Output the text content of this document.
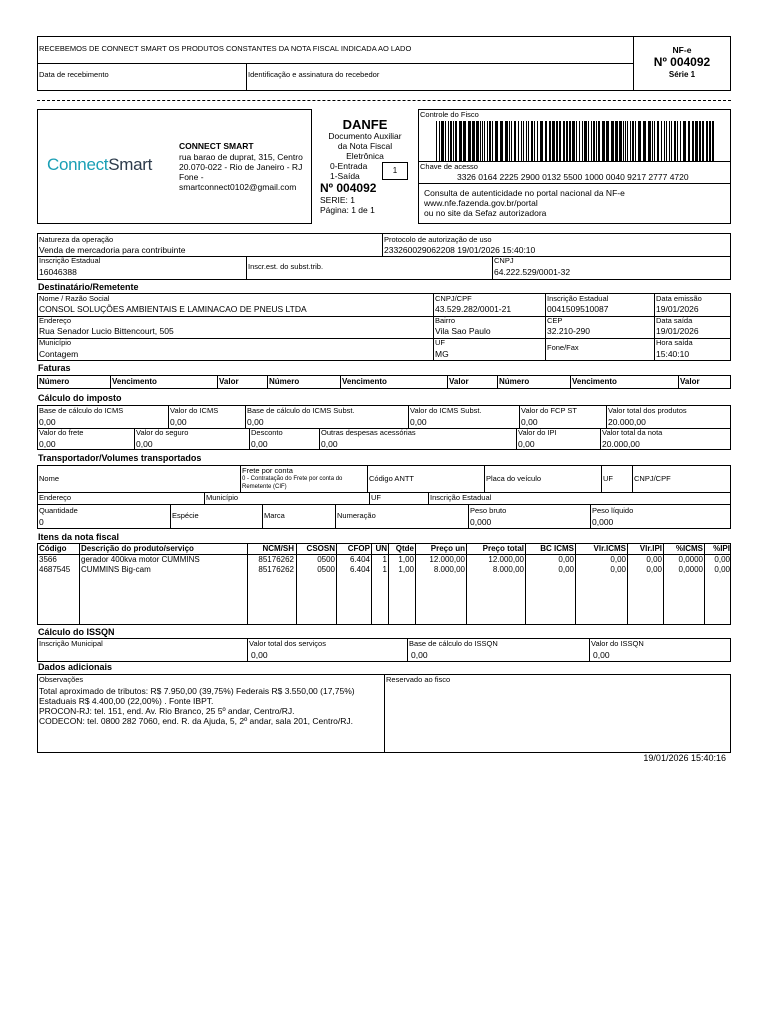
RECEBEMOS DE CONNECT SMART OS PRODUTOS CONSTANTES DA NOTA FISCAL INDICADA AO LADO
Data de recebimento	Identificação e assinatura do recebedor
NF-e
Nº 004092
Série 1
ConnectSmart
CONNECT SMART
rua barao de duprat, 315, Centro
20.070-022 - Rio de Janeiro - RJ
Fone -
smartconnect0102@gmail.com
DANFE
Documento Auxiliar
da Nota Fiscal
Eletrônica
0-Entrada
1-Saída
1
Nº 004092
SERIE: 1
Página: 1 de 1
Controle do Fisco
Chave de acesso
3326 0164 2225 2900 0132 5500 1000 0040 9217 2777 4720
Consulta de autenticidade no portal nacional da NF-e
www.nfe.fazenda.gov.br/portal
ou no site da Sefaz autorizadora
Natureza da operação
Venda de mercadoria para contribuinte
Protocolo de autorização de uso
233260029062208 19/01/2026 15:40:10
Inscrição Estadual
16046388
Inscr.est. do subst.trib.
CNPJ
64.222.529/0001-32
Destinatário/Remetente
Nome / Razão Social
CONSOL SOLUÇÕES AMBIENTAIS E LAMINACAO DE PNEUS LTDA
CNPJ/CPF
43.529.282/0001-21
Inscrição Estadual
0041509510087
Data emissão
19/01/2026
Endereço
Rua Senador Lucio Bittencourt, 505
Bairro
Vila Sao Paulo
CEP
32.210-290
Data saída
19/01/2026
Município
Contagem
UF
MG
Fone/Fax
Hora saída
15:40:10
Faturas
Número	Vencimento	Valor	Número	Vencimento	Valor	Número	Vencimento	Valor
Cálculo do imposto
Base de cálculo do ICMS
0,00
Valor do ICMS
0,00
Base de cálculo do ICMS Subst.
0,00
Valor do ICMS Subst.
0,00
Valor do FCP ST
0,00
Valor total dos produtos
20.000,00
Valor do frete
0,00
Valor do seguro
0,00
Desconto
0,00
Outras despesas acessórias
0,00
Valor do IPI
0,00
Valor total da nota
20.000,00
Transportador/Volumes transportados
Nome
Frete por conta
0 - Contratação do Frete por conta do
Remetente (CIF)
Código ANTT	Placa do veículo	UF	CNPJ/CPF
Endereço	Município	UF	Inscrição Estadual
Quantidade
0
Espécie	Marca	Numeração
Peso bruto
0,000
Peso líquido
0,000
Itens da nota fiscal
Código Descrição do produto/serviço	NCM/SH	CSOSN	CFOP UN	Qtde	Preço un	Preço total	BC ICMS	Vlr.ICMS	Vlr.IPI	%ICMS	%IPI
3566	gerador 400kva motor CUMMINS	85176262	0500	6.404	1	1,00	12.000,00	12.000,00	0,00	0,00	0,00	0,0000	0,00
4687545 CUMMINS Big-cam	85176262	0500	6.404	1	1,00	8.000,00	8.000,00	0,00	0,00	0,00	0,0000	0,00
Cálculo do ISSQN
Inscrição Municipal	Valor total dos serviços
0,00
Base de cálculo do ISSQN
0,00
Valor do ISSQN
0,00
Dados adicionais
Observações
Total aproximado de tributos: R$ 7.950,00 (39,75%) Federais R$ 3.550,00 (17,75%)
Estaduais R$ 4.400,00 (22,00%) . Fonte IBPT.
PROCON-RJ: tel. 151, end. Av. Rio Branco, 25 5º andar, Centro/RJ.
CODECON: tel. 0800 282 7060, end. R. da Ajuda, 5, 2º andar, sala 201, Centro/RJ.
Reservado ao fisco
19/01/2026 15:40:16
